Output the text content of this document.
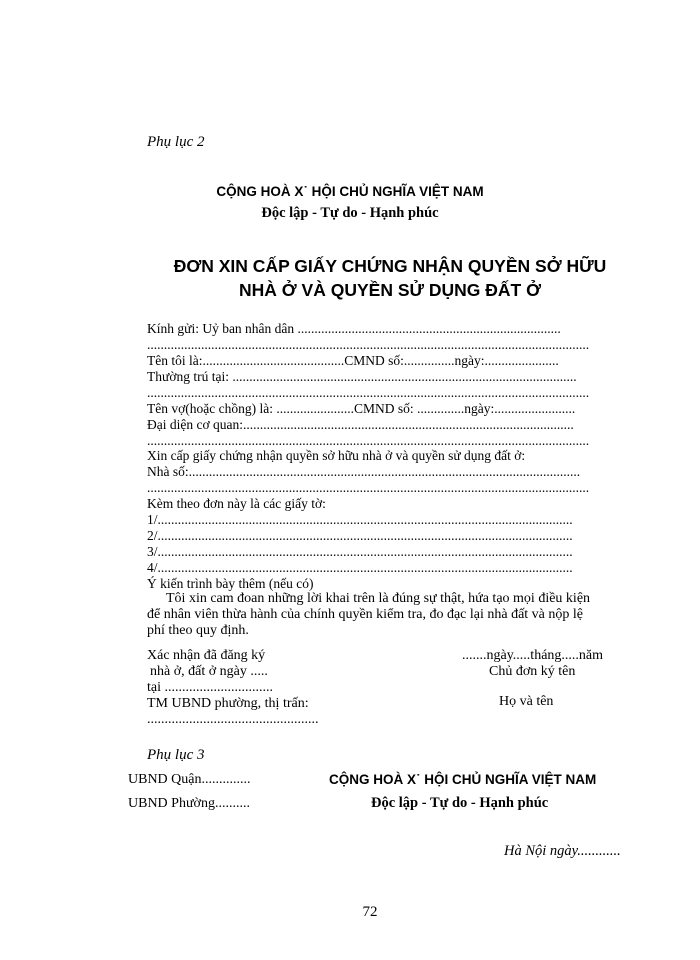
Phụ lục 2
CỘNG HOÀ X˙ HỘI CHỦ NGHĨA VIỆT NAM
Độc lập - Tự do - Hạnh phúc
ĐƠN XIN CẤP GIẤY CHỨNG NHẬN QUYỀN SỞ HỮU
NHÀ Ở VÀ QUYỀN SỬ DỤNG ĐẤT Ở
Kính gửi: Uỷ ban nhân dân ..............................................................................
...................................................................................................................................
Tên tôi là:..........................................CMND số:...............ngày:......................
Thường trú tại: ......................................................................................................
...................................................................................................................................
Tên vợ(hoặc chồng) là: .......................CMND số: ..............ngày:........................
Đại diện cơ quan:..................................................................................................
...................................................................................................................................
Xin cấp giấy chứng nhận quyền sở hữu nhà ở và quyền sử dụng đất ở:
Nhà số:....................................................................................................................
...................................................................................................................................
Kèm theo đơn này là các giấy tờ:
1/...........................................................................................................................
2/...........................................................................................................................
3/...........................................................................................................................
4/...........................................................................................................................
Ý kiến trình bày thêm (nếu có)
Tôi xin cam đoan những lời khai trên là đúng sự thật, hứa tạo mọi điều kiện
để nhân viên thừa hành của chính quyền kiểm tra, đo đạc lại nhà đất và nộp lệ
phí theo quy định.
Xác nhận đã đăng ký
nhà ở, đất ở ngày .....
tại ...............................
TM UBND phường, thị trấn:
.................................................
.......ngày.....tháng.....năm
Chủ đơn ký tên
Họ và tên
Phụ lục 3
UBND Quận..............
UBND Phường..........
CỘNG HOÀ X˙ HỘI CHỦ NGHĨA VIỆT NAM
Độc lập - Tự do - Hạnh phúc
Hà Nội ngày............
72
